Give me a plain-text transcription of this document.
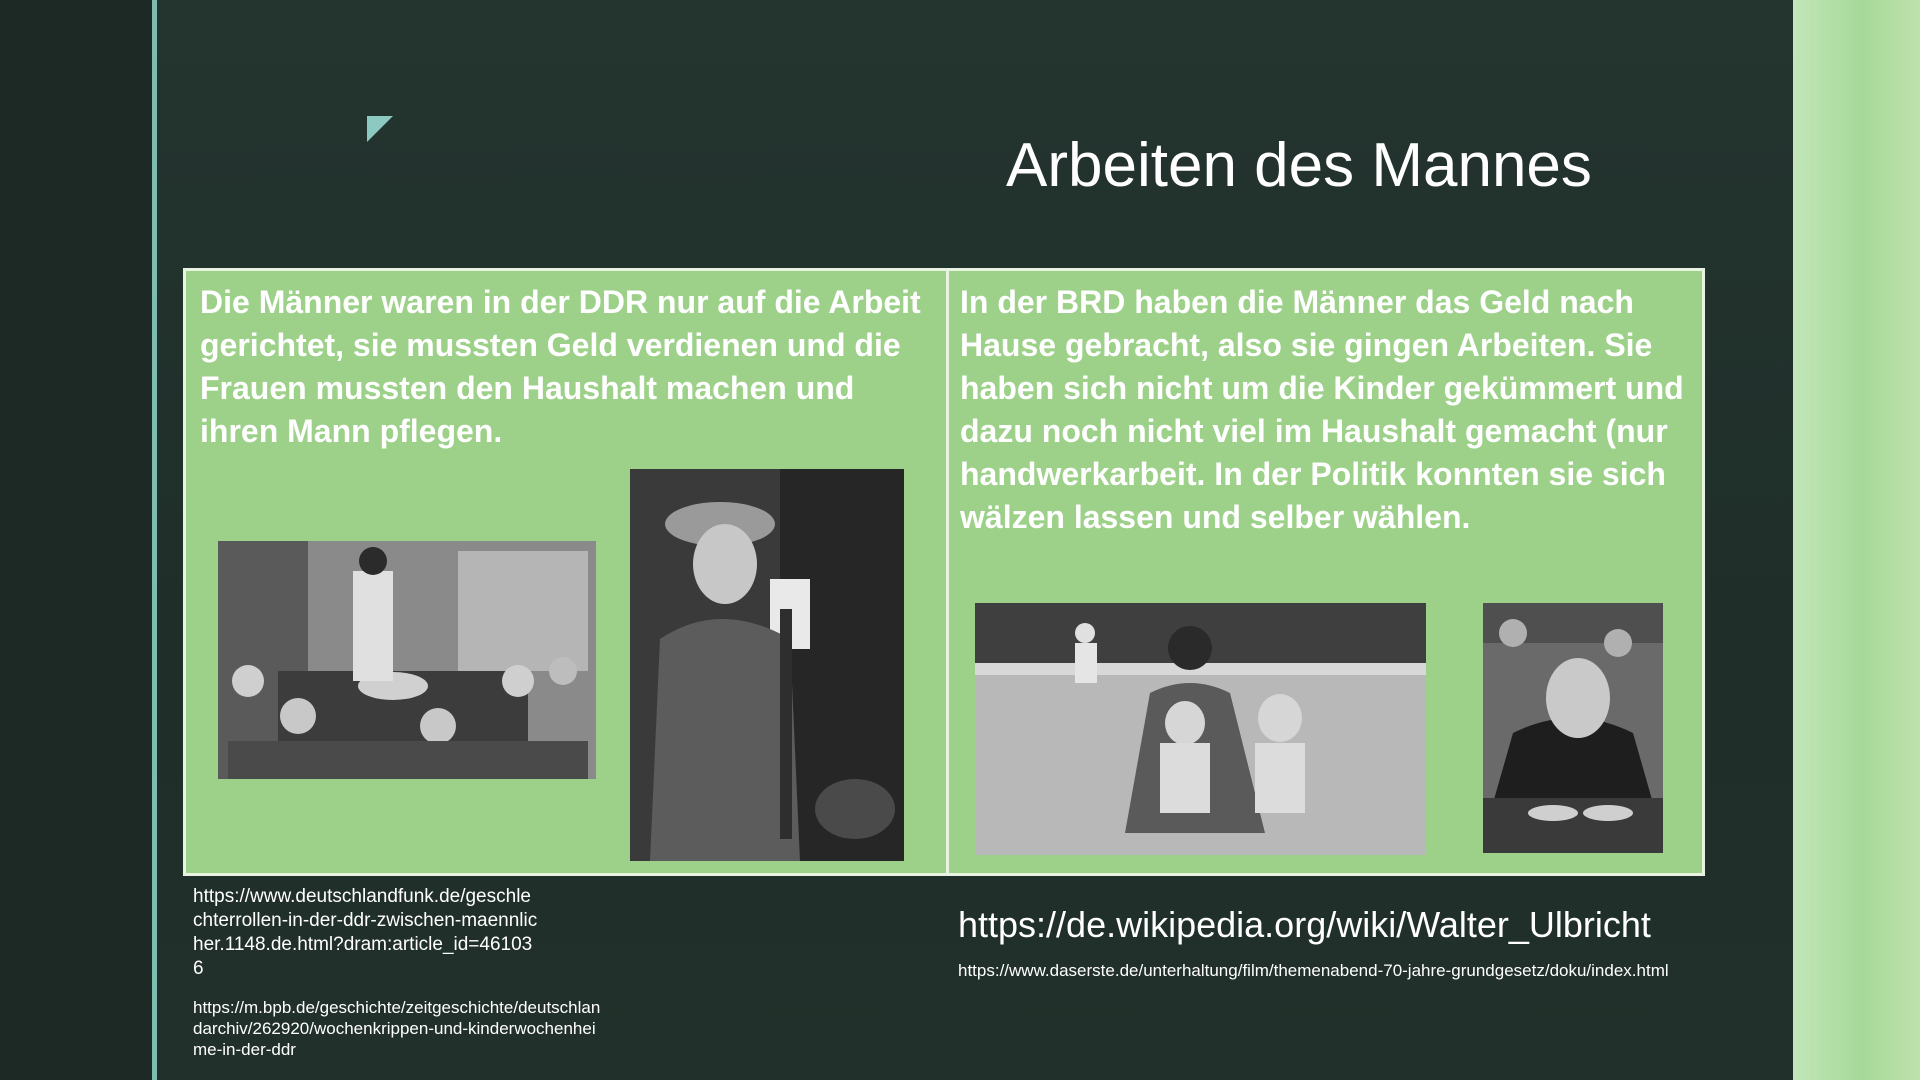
Arbeiten des Mannes

Die Männer waren in der DDR nur auf die Arbeit gerichtet, sie mussten Geld verdienen und die Frauen mussten den Haushalt machen und ihren Mann pflegen.

In der BRD haben die Männer das Geld nach Hause gebracht, also sie gingen Arbeiten. Sie haben sich nicht um die Kinder gekümmert und dazu noch nicht viel im Haushalt gemacht (nur handwerkarbeit. In der Politik konnten sie sich wälzen lassen und selber wählen.

https://www.deutschlandfunk.de/geschlechterrollen-in-der-ddr-zwischen-maennlicher.1148.de.html?dram:article_id=461036

https://m.bpb.de/geschichte/zeitgeschichte/deutschlandarchiv/262920/wochenkrippen-und-kinderwochenheime-in-der-ddr

https://de.wikipedia.org/wiki/Walter_Ulbricht

https://www.daserste.de/unterhaltung/film/themenabend-70-jahre-grundgesetz/doku/index.html
